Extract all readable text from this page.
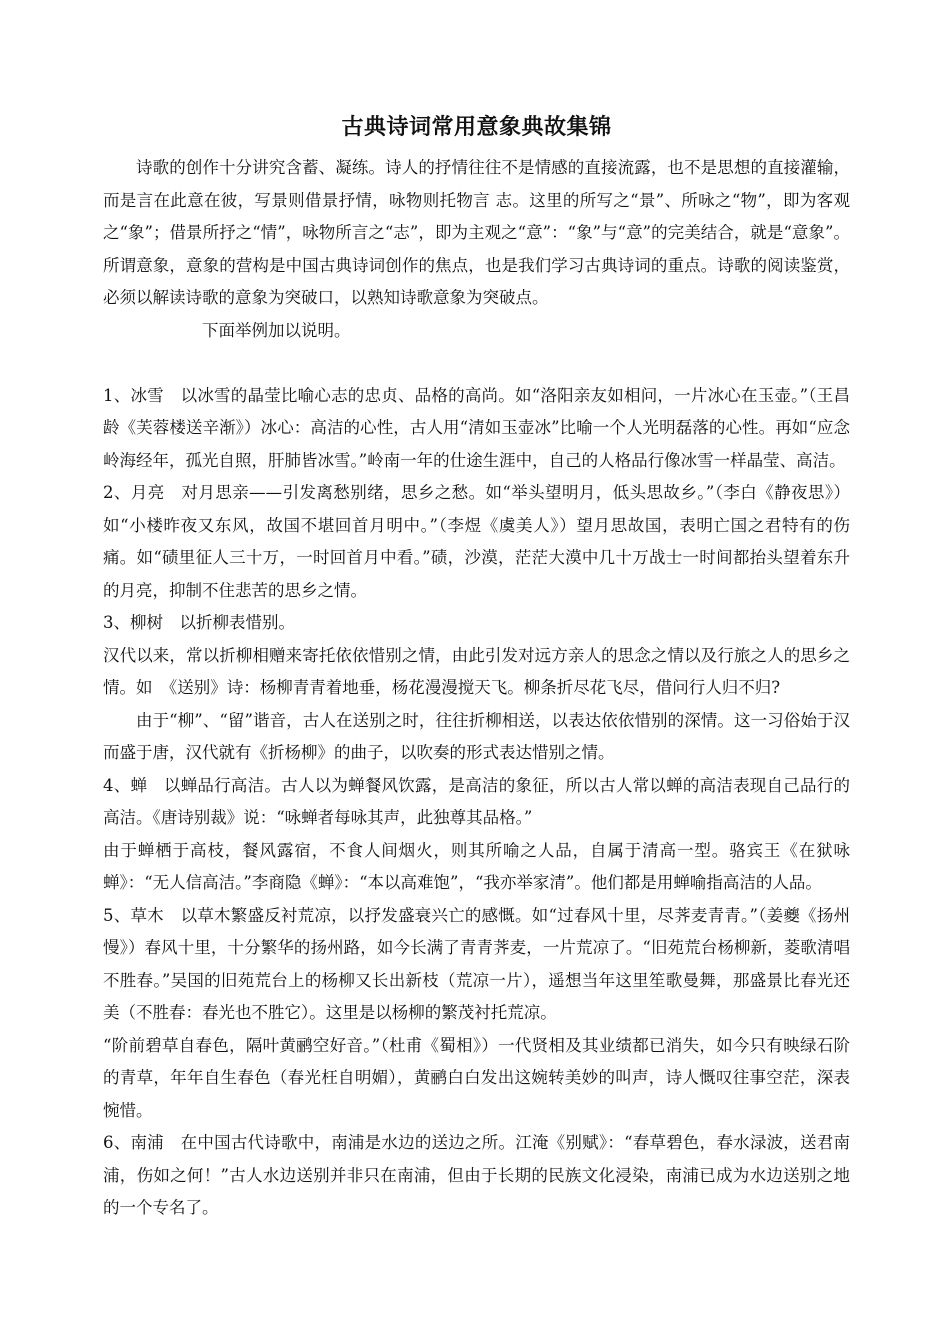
古典诗词常用意象典故集锦

诗歌的创作十分讲究含蓄、凝练。诗人的抒情往往不是情感的直接流露，也不是思想的直接灌输，而是言在此意在彼，写景则借景抒情，咏物则托物言 志。这里的所写之“景”、所咏之“物”，即为客观之“象”；借景所抒之“情”，咏物所言之“志”，即为主观之“意”：“象”与“意”的完美结合，就是“意象”。所谓意象，意象的营构是中国古典诗词创作的焦点，也是我们学习古典诗词的重点。诗歌的阅读鉴赏，必须以解读诗歌的意象为突破口，以熟知诗歌意象为突破点。

下面举例加以说明。

1、冰雪　以冰雪的晶莹比喻心志的忠贞、品格的高尚。如“洛阳亲友如相问，一片冰心在玉壶。”（王昌龄《芙蓉楼送辛渐》）冰心：高洁的心性，古人用“清如玉壶冰”比喻一个人光明磊落的心性。再如“应念岭海经年，孤光自照，肝肺皆冰雪。”岭南一年的仕途生涯中，自己的人格品行像冰雪一样晶莹、高洁。

2、月亮　对月思亲——引发离愁别绪，思乡之愁。如“举头望明月，低头思故乡。”（李白《静夜思》）如“小楼昨夜又东风，故国不堪回首月明中。”（李煜《虞美人》）望月思故国，表明亡国之君特有的伤痛。如“碛里征人三十万，一时回首月中看。”碛，沙漠，茫茫大漠中几十万战士一时间都抬头望着东升的月亮，抑制不住悲苦的思乡之情。

3、柳树　以折柳表惜别。

汉代以来，常以折柳相赠来寄托依依惜别之情，由此引发对远方亲人的思念之情以及行旅之人的思乡之情。如　《送别》诗：杨柳青青着地垂，杨花漫漫搅天飞。柳条折尽花飞尽，借问行人归不归?

由于“柳”、“留”谐音，古人在送别之时，往往折柳相送，以表达依依惜别的深情。这一习俗始于汉而盛于唐，汉代就有《折杨柳》的曲子，以吹奏的形式表达惜别之情。

4、蝉　以蝉品行高洁。古人以为蝉餐风饮露，是高洁的象征，所以古人常以蝉的高洁表现自己品行的高洁。《唐诗别裁》说：“咏蝉者每咏其声，此独尊其品格。”

由于蝉栖于高枝，餐风露宿，不食人间烟火，则其所喻之人品，自属于清高一型。骆宾王《在狱咏蝉》：“无人信高洁。”李商隐《蝉》：“本以高难饱”，“我亦举家清”。他们都是用蝉喻指高洁的人品。

5、草木　以草木繁盛反衬荒凉，以抒发盛衰兴亡的感慨。如“过春风十里，尽荠麦青青。”（姜夔《扬州慢》）春风十里，十分繁华的扬州路，如今长满了青青荠麦，一片荒凉了。“旧苑荒台杨柳新，菱歌清唱不胜春。”吴国的旧苑荒台上的杨柳又长出新枝（荒凉一片），遥想当年这里笙歌曼舞，那盛景比春光还美（不胜春：春光也不胜它）。这里是以杨柳的繁茂衬托荒凉。

“阶前碧草自春色，隔叶黄鹂空好音。”（杜甫《蜀相》）一代贤相及其业绩都已消失，如今只有映绿石阶的青草，年年自生春色（春光枉自明媚），黄鹂白白发出这婉转美妙的叫声，诗人慨叹往事空茫，深表惋惜。

6、南浦　在中国古代诗歌中，南浦是水边的送边之所。江淹《别赋》：“春草碧色，春水渌波，送君南浦，伤如之何！”古人水边送别并非只在南浦，但由于长期的民族文化浸染，南浦已成为水边送别之地的一个专名了。
